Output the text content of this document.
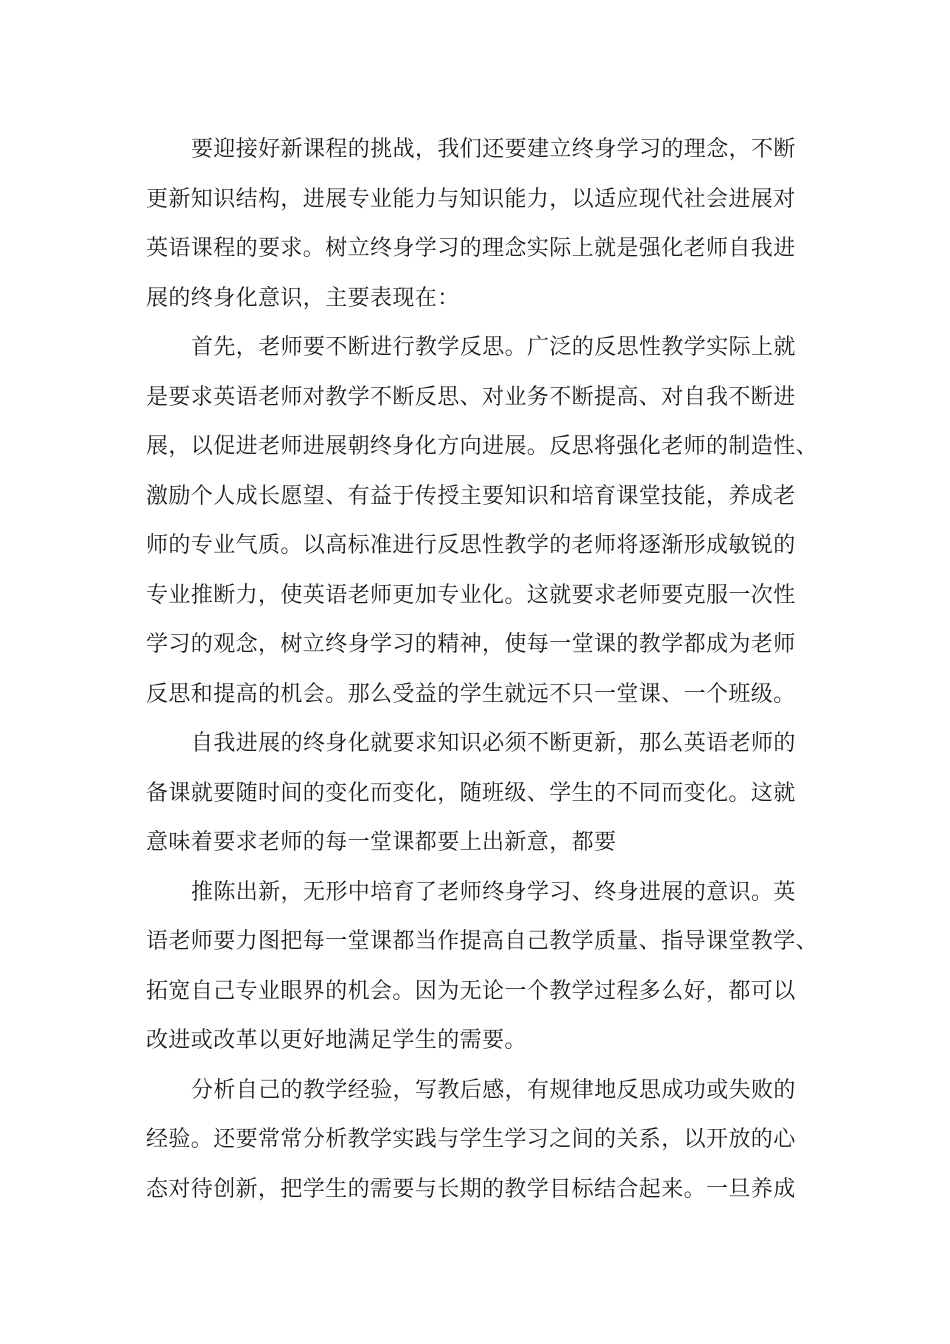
要迎接好新课程的挑战，我们还要建立终身学习的理念，不断
更新知识结构，进展专业能力与知识能力，以适应现代社会进展对
英语课程的要求。树立终身学习的理念实际上就是强化老师自我进
展的终身化意识，主要表现在：
首先，老师要不断进行教学反思。广泛的反思性教学实际上就
是要求英语老师对教学不断反思、对业务不断提高、对自我不断进
展，以促进老师进展朝终身化方向进展。反思将强化老师的制造性、
激励个人成长愿望、有益于传授主要知识和培育课堂技能，养成老
师的专业气质。以高标准进行反思性教学的老师将逐渐形成敏锐的
专业推断力，使英语老师更加专业化。这就要求老师要克服一次性
学习的观念，树立终身学习的精神，使每一堂课的教学都成为老师
反思和提高的机会。那么受益的学生就远不只一堂课、一个班级。
自我进展的终身化就要求知识必须不断更新，那么英语老师的
备课就要随时间的变化而变化，随班级、学生的不同而变化。这就
意味着要求老师的每一堂课都要上出新意，都要
推陈出新，无形中培育了老师终身学习、终身进展的意识。英
语老师要力图把每一堂课都当作提高自己教学质量、指导课堂教学、
拓宽自己专业眼界的机会。因为无论一个教学过程多么好，都可以
改进或改革以更好地满足学生的需要。
分析自己的教学经验，写教后感，有规律地反思成功或失败的
经验。还要常常分析教学实践与学生学习之间的关系，以开放的心
态对待创新，把学生的需要与长期的教学目标结合起来。一旦养成
